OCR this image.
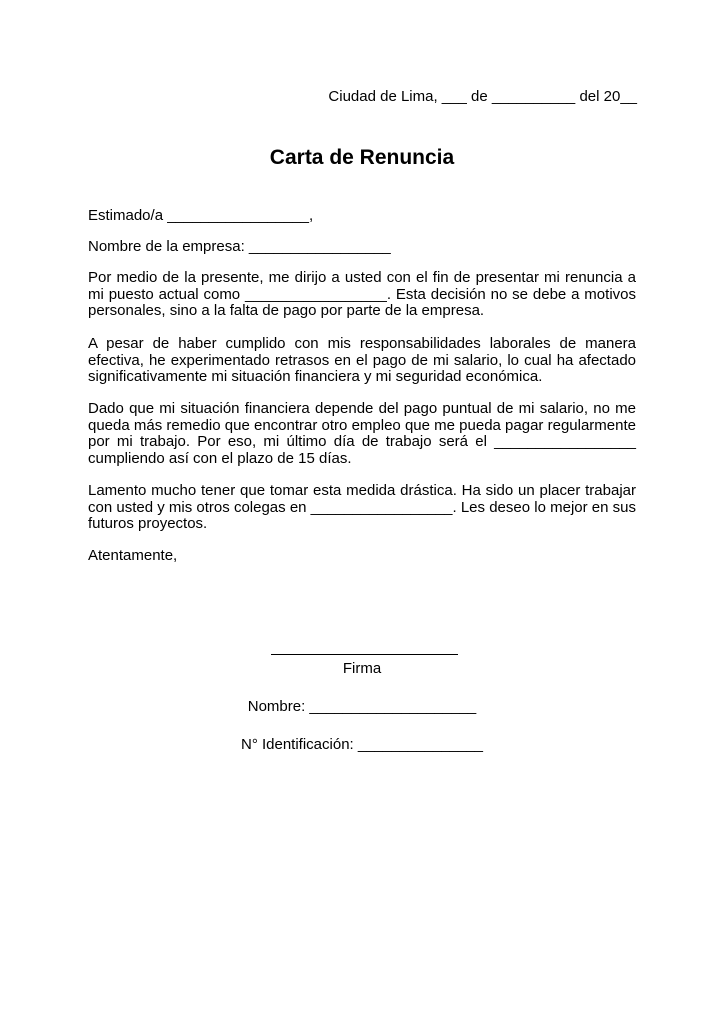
Ciudad de Lima, ___ de __________ del 20__
Carta de Renuncia
Estimado/a _________________,
Nombre de la empresa: _________________

Por medio de la presente, me dirijo a usted con el fin de presentar mi renuncia a mi puesto actual como _________________. Esta decisión no se debe a motivos personales, sino a la falta de pago por parte de la empresa.

A pesar de haber cumplido con mis responsabilidades laborales de manera efectiva, he experimentado retrasos en el pago de mi salario, lo cual ha afectado significativamente mi situación financiera y mi seguridad económica.

Dado que mi situación financiera depende del pago puntual de mi salario, no me queda más remedio que encontrar otro empleo que me pueda pagar regularmente por mi trabajo. Por eso, mi último día de trabajo será el _________________ cumpliendo así con el plazo de 15 días.

Lamento mucho tener que tomar esta medida drástica. Ha sido un placer trabajar con usted y mis otros colegas en _________________. Les deseo lo mejor en sus futuros proyectos.

Atentamente,
Firma
Nombre: ____________________
N° Identificación: _______________
